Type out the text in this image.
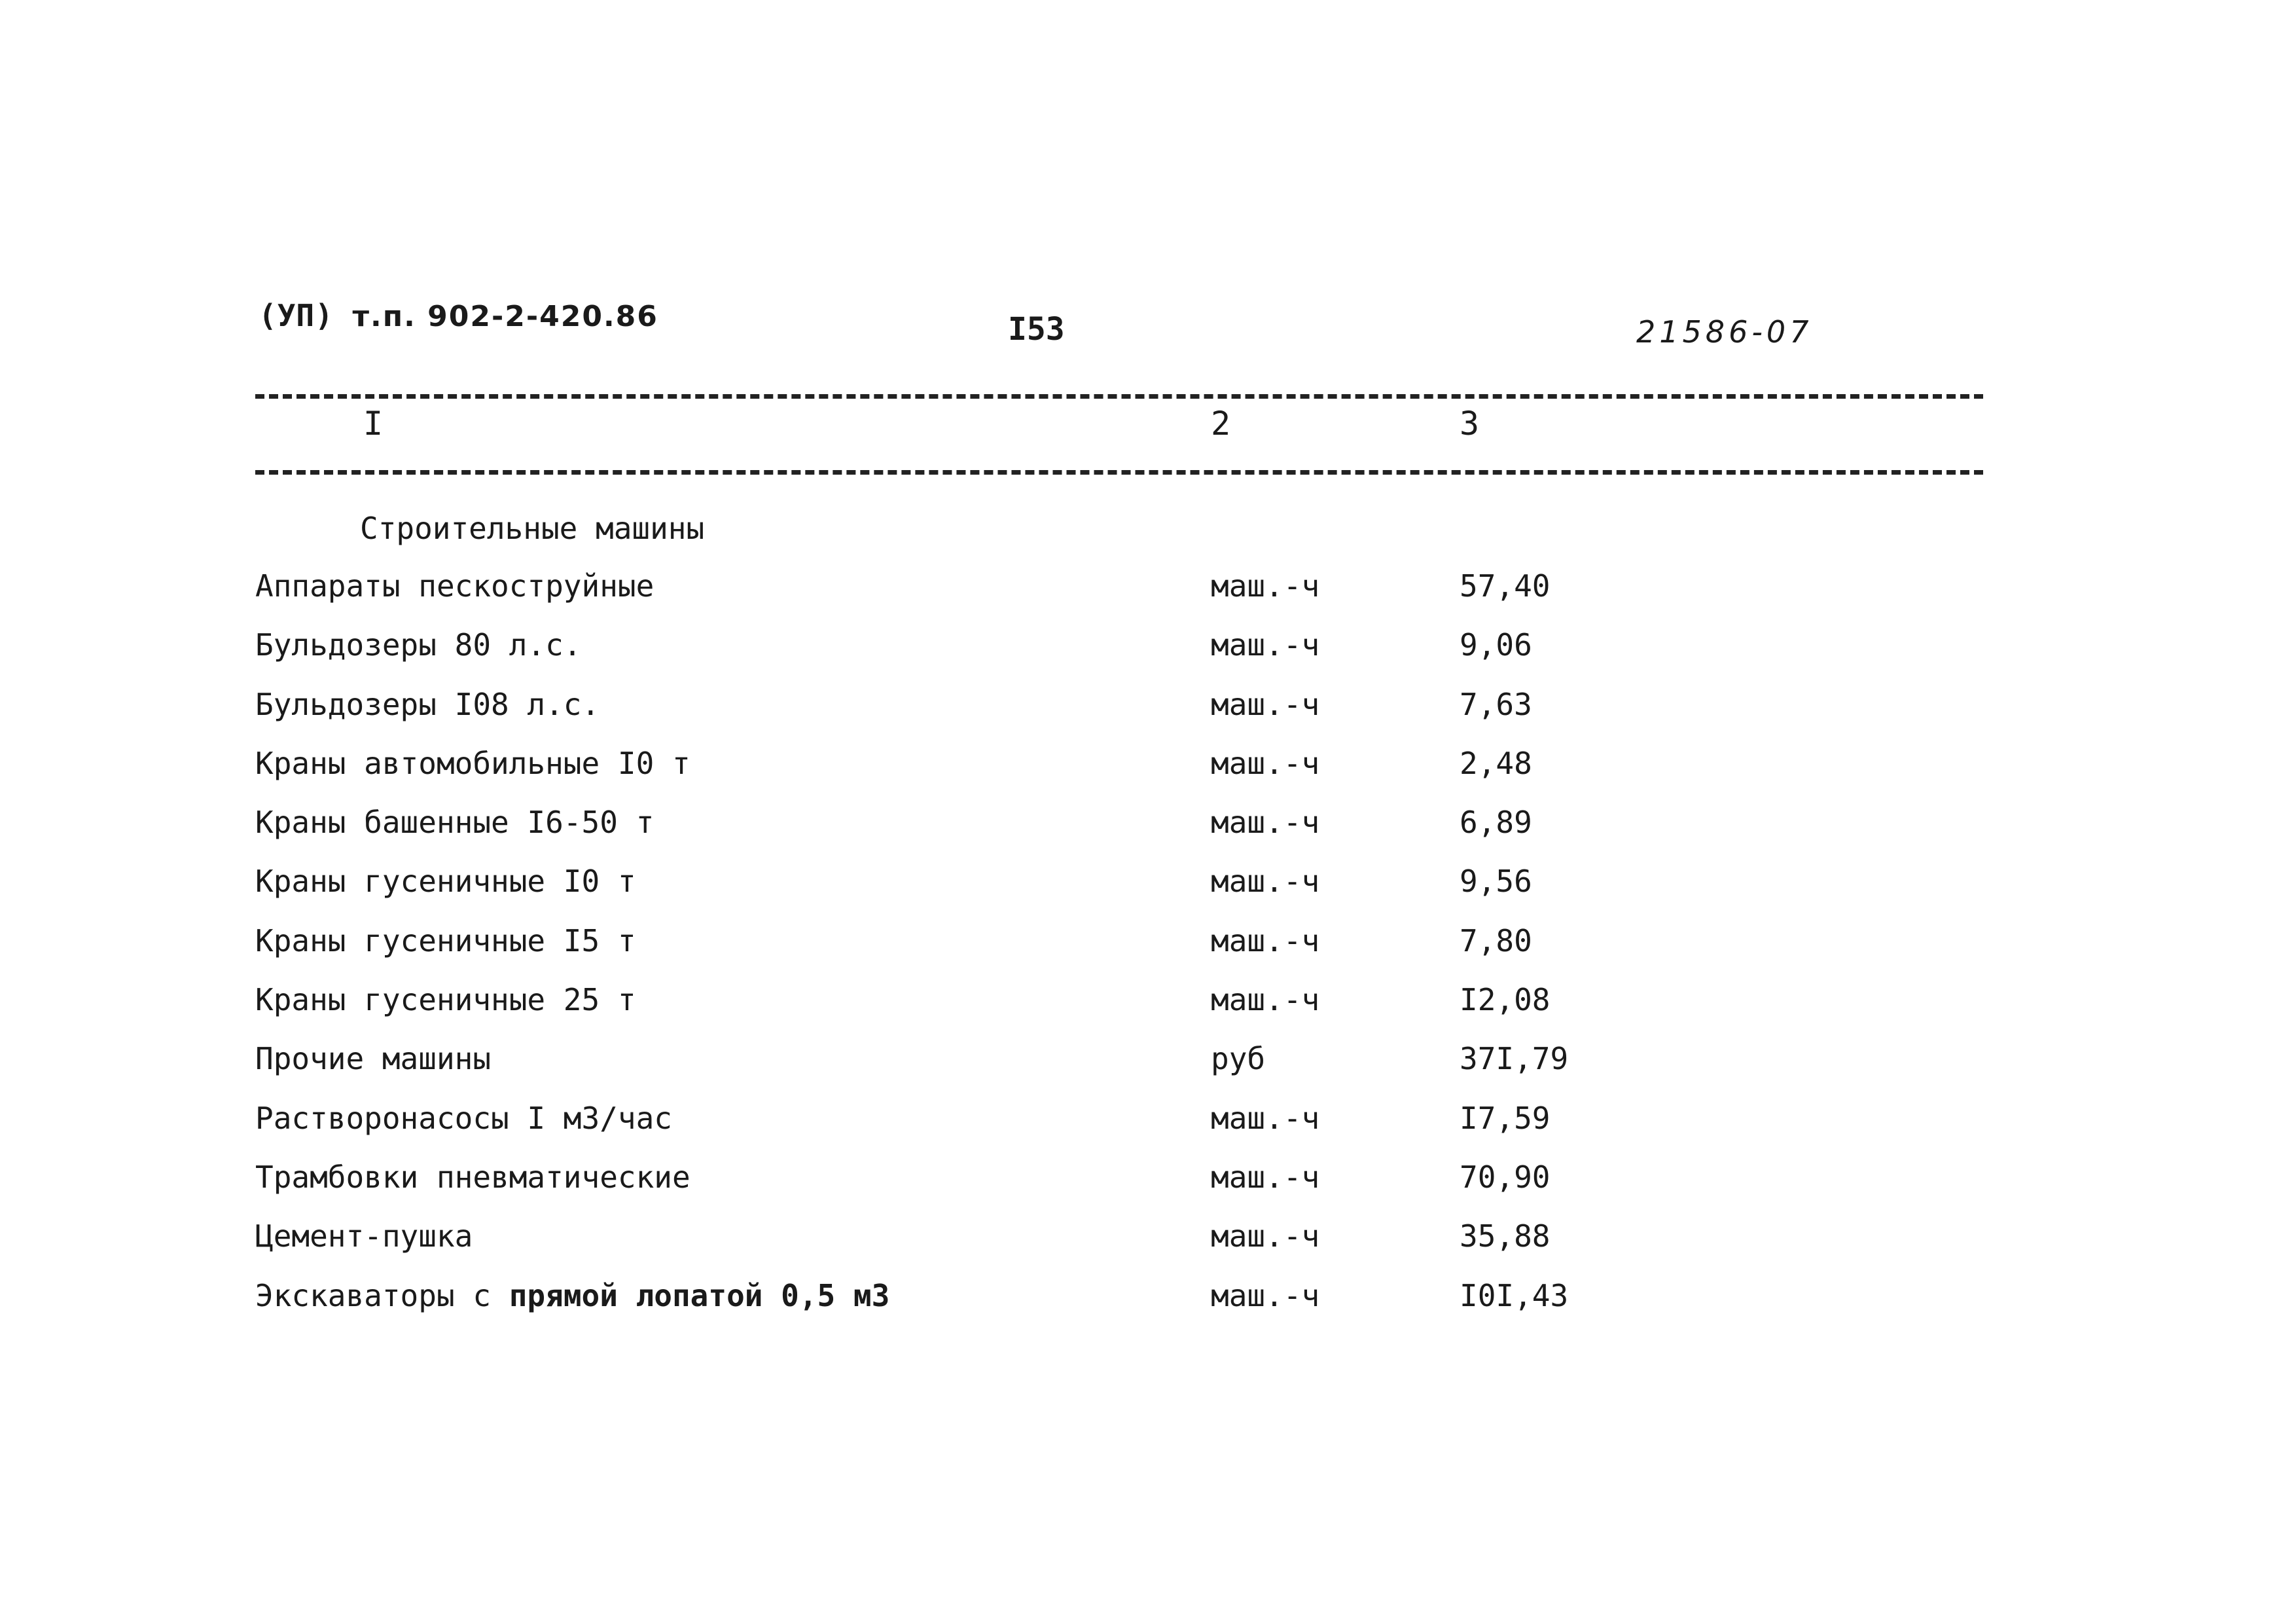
(УП) т.п. 902-2-420.86	I53	21586-07
I	2	3
Строительные машины
Аппараты пескоструйные	маш.-ч	57,40
Бульдозеры 80 л.с.	маш.-ч	9,06
Бульдозеры I08 л.с.	маш.-ч	7,63
Краны автомобильные I0 т	маш.-ч	2,48
Краны башенные I6-50 т	маш.-ч	6,89
Краны гусеничные I0 т	маш.-ч	9,56
Краны гусеничные I5 т	маш.-ч	7,80
Краны гусеничные 25 т	маш.-ч	I2,08
Прочие машины	руб	37I,79
Растворонасосы I м3/час	маш.-ч	I7,59
Трамбовки пневматические	маш.-ч	70,90
Цемент-пушка	маш.-ч	35,88
Экскаваторы с прямой лопатой 0,5 м3	маш.-ч	I0I,43
